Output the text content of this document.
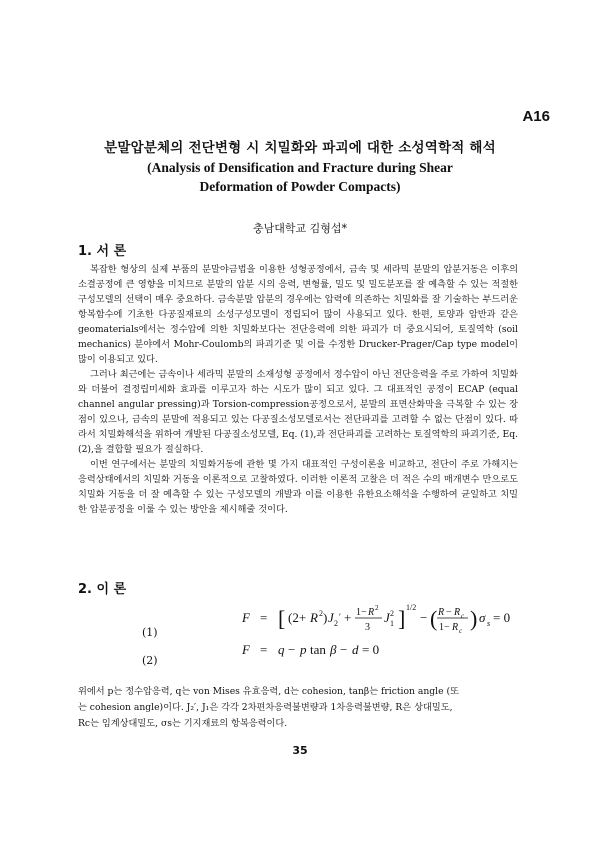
A16
분말압분체의 전단변형 시 치밀화와 파괴에 대한 소성역학적 해석
(Analysis of Densification and Fracture during Shear
Deformation of Powder Compacts)
충남대학교 김형섭*
1. 서 론

복잡한 형상의 실제 부품의 분말야금법을 이용한 성형공정에서, 금속 및 세라믹 분말의 압분거동은 이후의 소결공정에 큰 영향을 미치므로 분말의 압분 시의 응력, 변형률, 밀도 및 밀도분포를 잘 예측할 수 있는 적절한 구성모델의 선택이 매우 중요하다. 금속분말 압분의 경우에는 압력에 의존하는 치밀화를 잘 기술하는 부드러운 항복함수에 기초한 다공질재료의 소성구성모델이 정립되어 많이 사용되고 있다. 한편, 토양과 암반과 같은 geomaterials에서는 정수압에 의한 치밀화보다는 전단응력에 의한 파괴가 더 중요시되어, 토질역학 (soil mechanics) 분야에서 Mohr-Coulomb의 파괴기준 및 이를 수정한 Drucker-Prager/Cap type model이 많이 이용되고 있다.

그러나 최근에는 금속이나 세라믹 분말의 소재성형 공정에서 정수압이 아닌 전단응력을 주로 가하여 치밀화와 더불어 결정립미세화 효과를 이루고자 하는 시도가 많이 되고 있다. 그 대표적인 공정이 ECAP (equal channel angular pressing)과 Torsion-compression공정으로서, 분말의 표면산화막을 극복할 수 있는 장점이 있으나, 금속의 분말에 적용되고 있는 다공질소성모델로서는 전단파괴를 고려할 수 없는 단점이 있다. 따라서 치밀화해석을 위하여 개발된 다공질소성모델, Eq. (1),과 전단파괴를 고려하는 토질역학의 파괴기준, Eq. (2),을 결합할 필요가 절실하다.

이번 연구에서는 분말의 치밀화거동에 관한 몇 가지 대표적인 구성이론을 비교하고, 전단이 주로 가해지는 응력상태에서의 치밀화 거동을 이론적으로 고찰하였다. 이러한 이론적 고찰은 더 적은 수의 매개변수 만으로도 치밀화 거동을 더 잘 예측할 수 있는 구성모델의 개발과 이를 이용한 유한요소해석을 수행하여 균일하고 치밀한 압분공정을 이룰 수 있는 방안을 제시해줄 것이다.

2. 이 론
F = [ (2+ R 2 ) J 2
′ + 1− R 2
3
J 1
2 ] 1/2
− ( R − R c
1− R c ) σ s = 0
(1)
F = q − p tan β − d = 0
(2)
위에서 p는 정수압응력, q는 von Mises 유효응력, d는 cohesion, tanβ는 friction angle (또
는 cohesion angle)이다. J₂′, J₁은 각각 2차편차응력불변량과 1차응력불변량, R은 상대밀도,
Rc는 임계상대밀도, σs는 기지재료의 항복응력이다.
35
